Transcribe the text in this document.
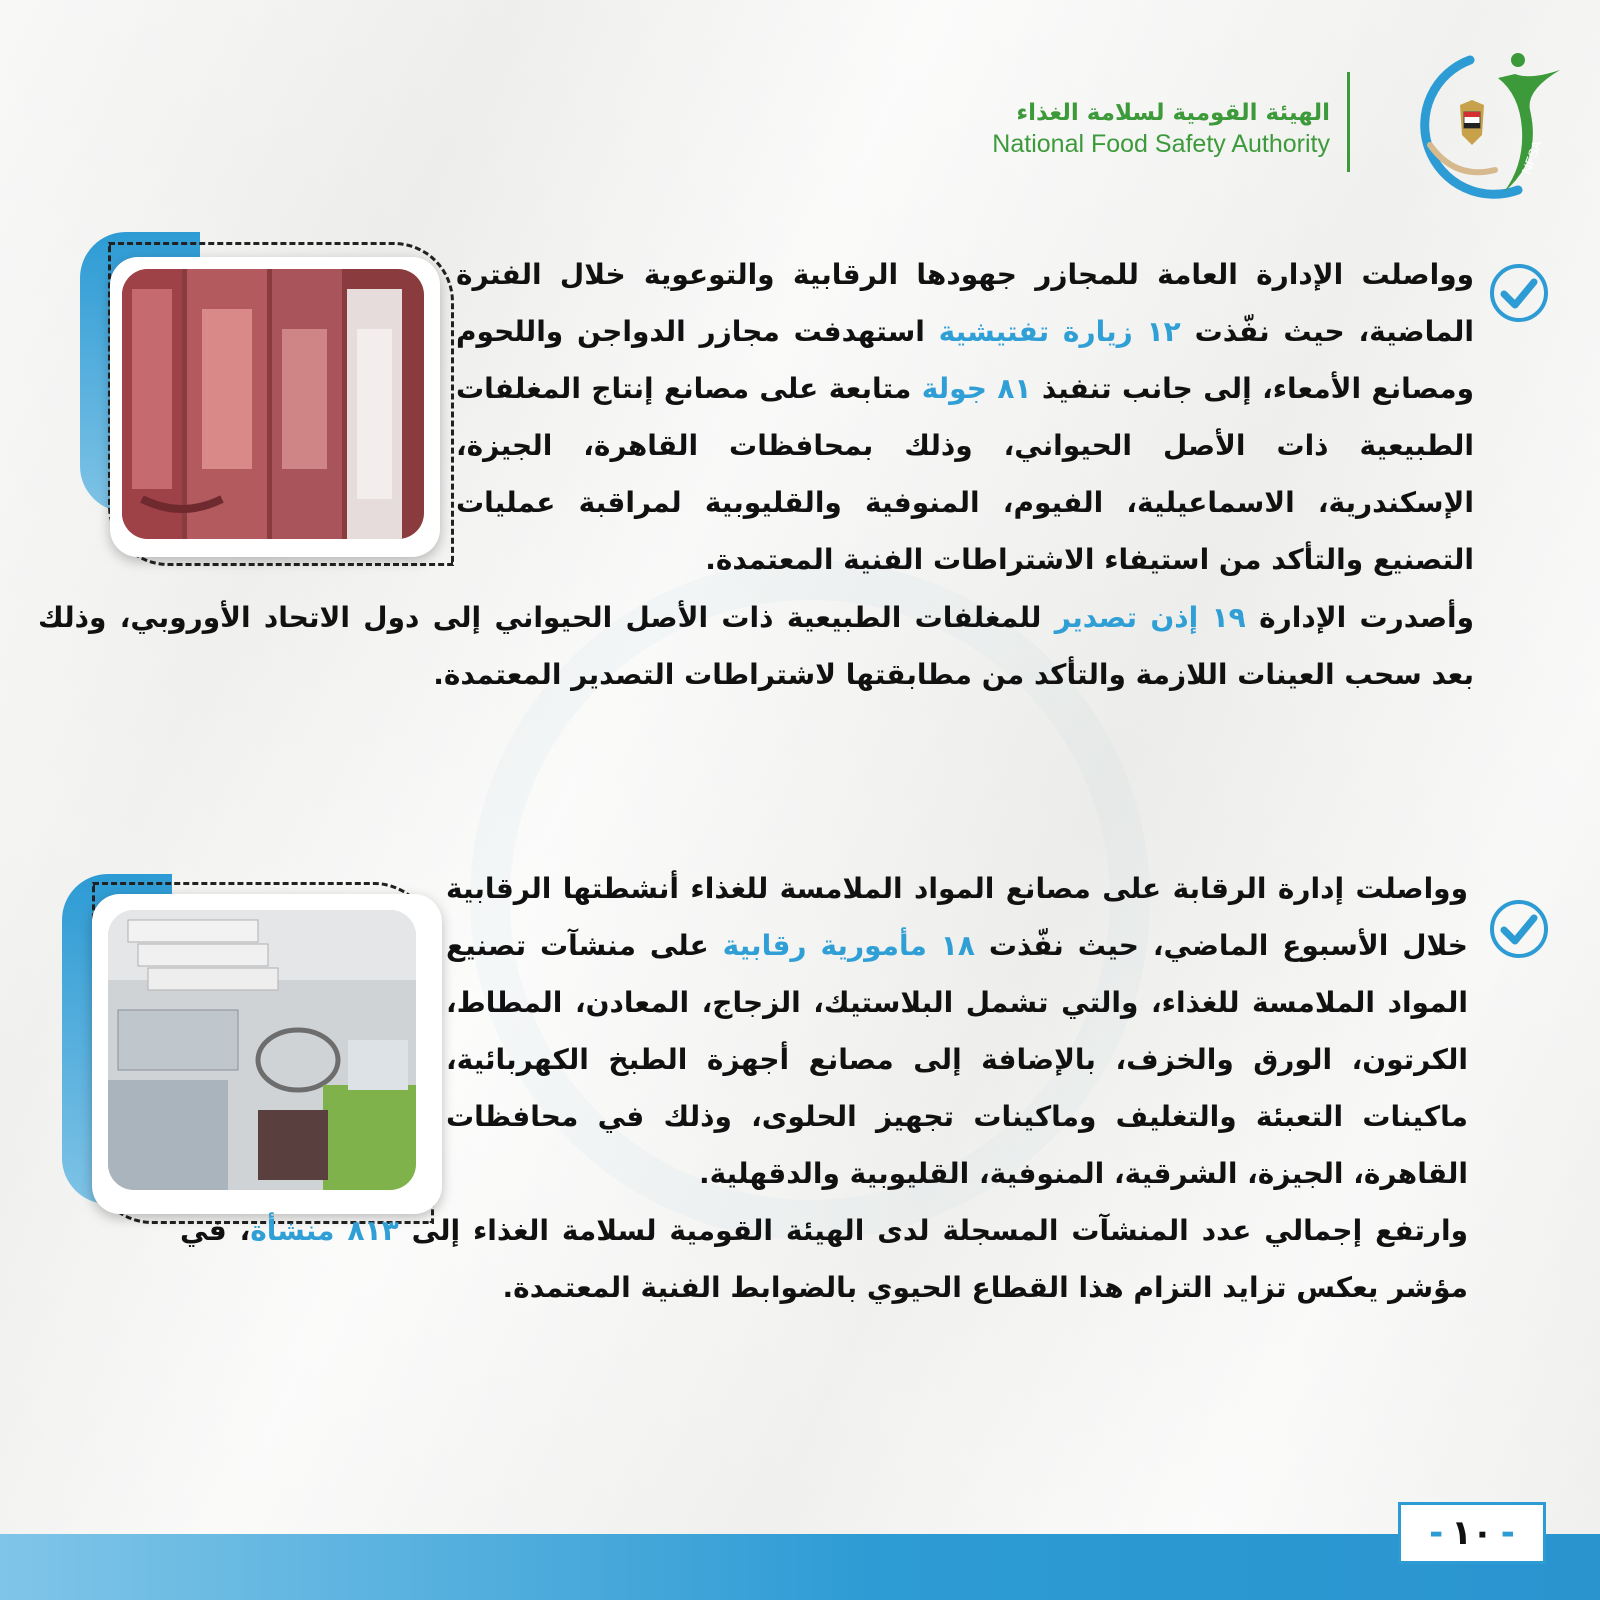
الهيئة القومية لسلامة الغذاء
National Food Safety Authority	NFSA
وواصلت الإدارة العامة للمجازر جهودها الرقابية والتوعوية خلال الفترة الماضية، حيث نفّذت ١٢ زيارة تفتيشية استهدفت مجازر الدواجن واللحوم ومصانع الأمعاء، إلى جانب تنفيذ ٨١ جولة متابعة على مصانع إنتاج المغلفات الطبيعية ذات الأصل الحيواني، وذلك بمحافظات القاهرة، الجيزة، الإسكندرية، الاسماعيلية، الفيوم، المنوفية والقليوبية لمراقبة عمليات التصنيع والتأكد من استيفاء الاشتراطات الفنية المعتمدة.
وأصدرت الإدارة ١٩ إذن تصدير للمغلفات الطبيعية ذات الأصل الحيواني إلى دول الاتحاد الأوروبي، وذلك بعد سحب العينات اللازمة والتأكد من مطابقتها لاشتراطات التصدير المعتمدة.
وواصلت إدارة الرقابة على مصانع المواد الملامسة للغذاء أنشطتها الرقابية خلال الأسبوع الماضي، حيث نفّذت ١٨ مأمورية رقابية على منشآت تصنيع المواد الملامسة للغذاء، والتي تشمل البلاستيك، الزجاج، المعادن، المطاط، الكرتون، الورق والخزف، بالإضافة إلى مصانع أجهزة الطبخ الكهربائية، ماكينات التعبئة والتغليف وماكينات تجهيز الحلوى، وذلك في محافظات القاهرة، الجيزة، الشرقية، المنوفية، القليوبية والدقهلية.
وارتفع إجمالي عدد المنشآت المسجلة لدى الهيئة القومية لسلامة الغذاء إلى ٨١٣ منشأة، في مؤشر يعكس تزايد التزام هذا القطاع الحيوي بالضوابط الفنية المعتمدة.
-
١٠
-
